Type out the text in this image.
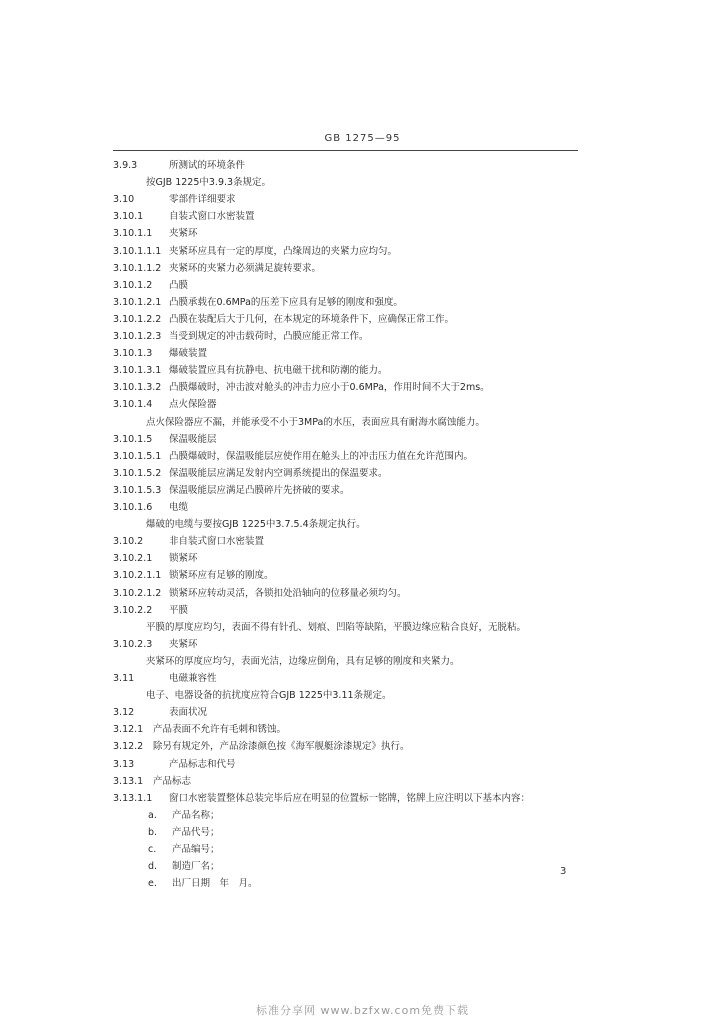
GB 1275—95
3.9.3	所测试的环境条件
按GJB 1225中3.9.3条规定。
3.10	零部件详细要求
3.10.1	自装式窗口水密装置
3.10.1.1 夹紧环
3.10.1.1.1 夹紧环应具有一定的厚度，凸缘周边的夹紧力应均匀。
3.10.1.1.2 夹紧环的夹紧力必须满足旋转要求。
3.10.1.2 凸膜
3.10.1.2.1 凸膜承载在0.6MPa的压差下应具有足够的刚度和强度。
3.10.1.2.2 凸膜在装配后大于几何，在本规定的环境条件下，应确保正常工作。
3.10.1.2.3 当受到规定的冲击载荷时，凸膜应能正常工作。
3.10.1.3 爆破装置
3.10.1.3.1 爆破装置应具有抗静电、抗电磁干扰和防潮的能力。
3.10.1.3.2 凸膜爆破时，冲击波对舱头的冲击力应小于0.6MPa，作用时间不大于2ms。
3.10.1.4 点火保险器
点火保险器应不漏，并能承受不小于3MPa的水压，表面应具有耐海水腐蚀能力。
3.10.1.5 保温吸能层
3.10.1.5.1 凸膜爆破时，保温吸能层应使作用在舱头上的冲击压力值在允许范围内。
3.10.1.5.2 保温吸能层应满足发射内空调系统提出的保温要求。
3.10.1.5.3 保温吸能层应满足凸膜碎片先挤破的要求。
3.10.1.6 电缆
爆破的电缆与要按GJB 1225中3.7.5.4条规定执行。
3.10.2	非自装式窗口水密装置
3.10.2.1 锁紧环
3.10.2.1.1 锁紧环应有足够的刚度。
3.10.2.1.2 锁紧环应转动灵活，各锁扣处沿轴向的位移量必须均匀。
3.10.2.2 平膜
平膜的厚度应均匀，表面不得有针孔、划痕、凹陷等缺陷，平膜边缘应粘合良好，无脱粘。
3.10.2.3 夹紧环
夹紧环的厚度应均匀，表面光洁，边缘应倒角，具有足够的刚度和夹紧力。
3.11	电磁兼容性
电子、电器设备的抗扰度应符合GJB 1225中3.11条规定。
3.12	表面状况
3.12.1 产品表面不允许有毛刺和锈蚀。
3.12.2 除另有规定外，产品涂漆颜色按《海军舰艇涂漆规定》执行。
3.13	产品标志和代号
3.13.1 产品标志
3.13.1.1 窗口水密装置整体总装完毕后应在明显的位置标一铭牌，铭牌上应注明以下基本内容：
a. 产品名称；
b. 产品代号；
c. 产品编号；
d. 制造厂名；
e. 出厂日期　年　月。
3
标准分享网 www.bzfxw.com免费下载
